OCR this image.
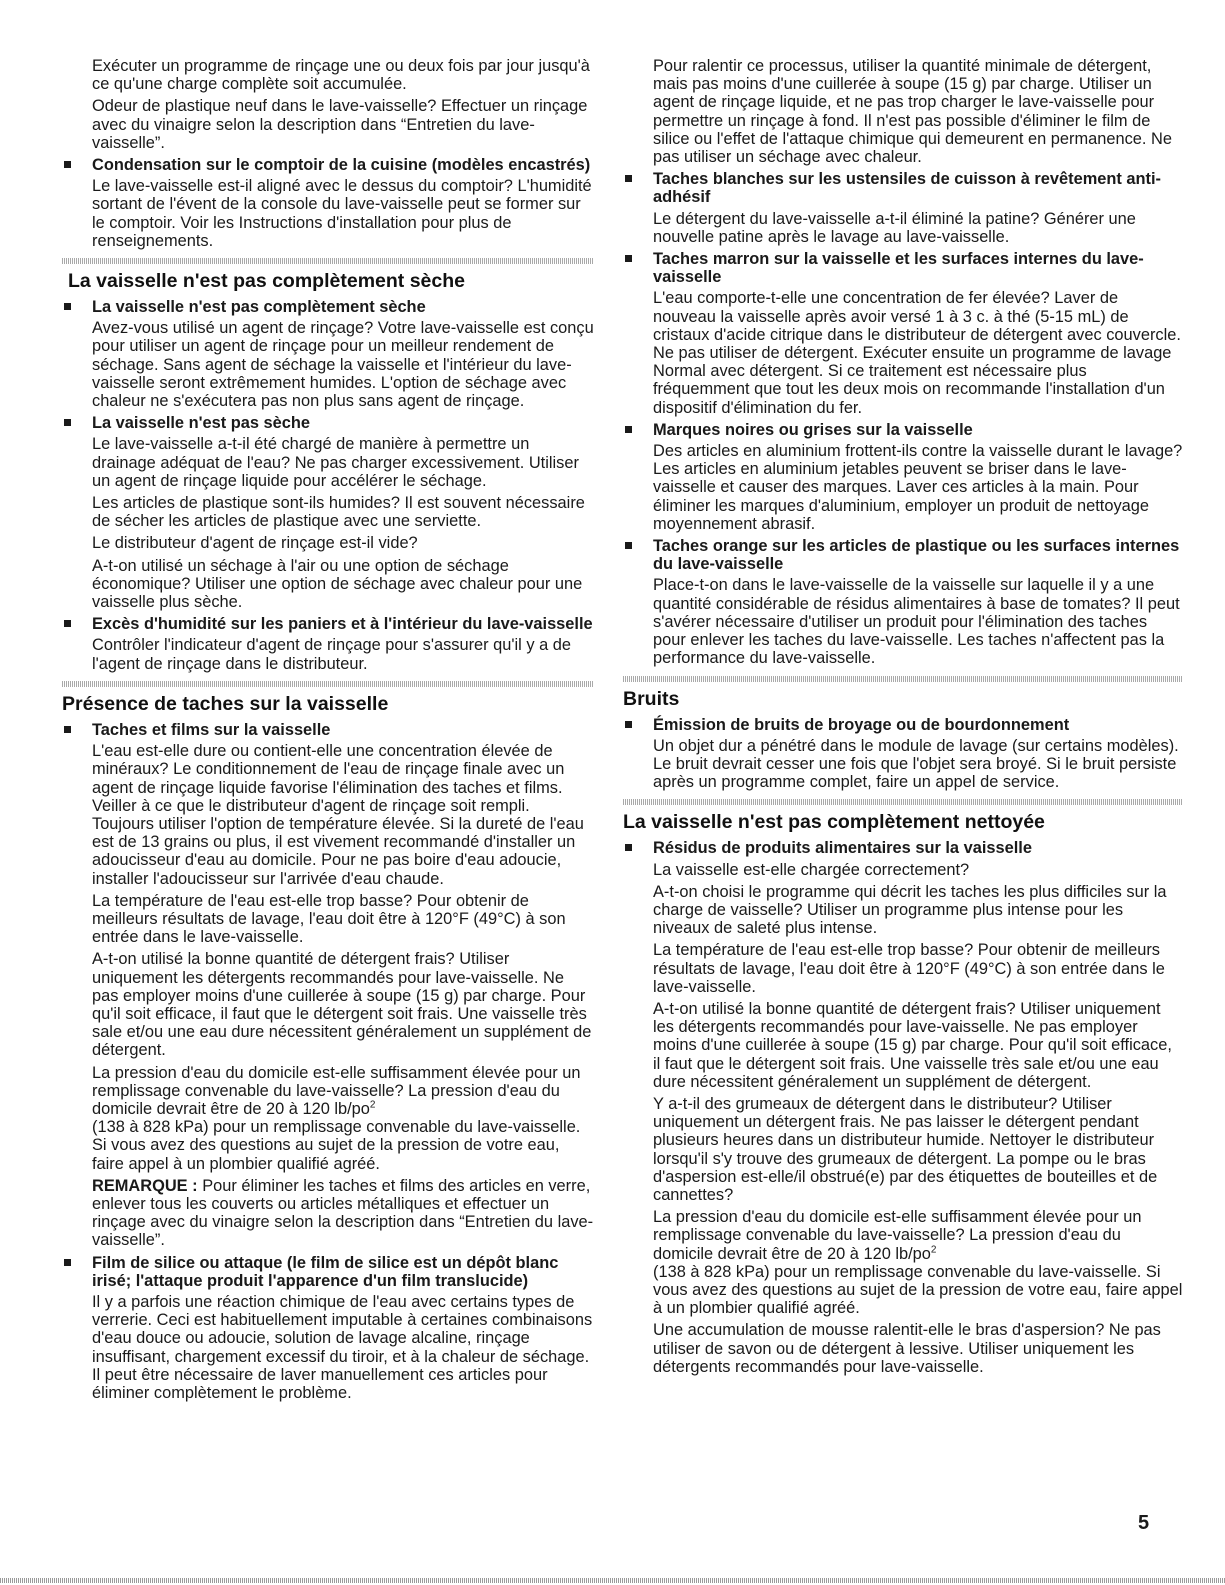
Exécuter un programme de rinçage une ou deux fois par jour jusqu'à ce qu'une charge complète soit accumulée.

Odeur de plastique neuf dans le lave-vaisselle? Effectuer un rinçage avec du vinaigre selon la description dans “Entretien du lave-vaisselle”.

Condensation sur le comptoir de la cuisine (modèles encastrés)

Le lave-vaisselle est-il aligné avec le dessus du comptoir? L'humidité sortant de l'évent de la console du lave-vaisselle peut se former sur le comptoir. Voir les Instructions d'installation pour plus de renseignements.

La vaisselle n'est pas complètement sèche
La vaisselle n'est pas complètement sèche

Avez-vous utilisé un agent de rinçage? Votre lave-vaisselle est conçu pour utiliser un agent de rinçage pour un meilleur rendement de séchage. Sans agent de séchage la vaisselle et l'intérieur du lave-vaisselle seront extrêmement humides. L'option de séchage avec chaleur ne s'exécutera pas non plus sans agent de rinçage.

La vaisselle n'est pas sèche

Le lave-vaisselle a-t-il été chargé de manière à permettre un drainage adéquat de l'eau? Ne pas charger excessivement. Utiliser un agent de rinçage liquide pour accélérer le séchage.

Les articles de plastique sont-ils humides? Il est souvent nécessaire de sécher les articles de plastique avec une serviette.

Le distributeur d'agent de rinçage est-il vide?

A-t-on utilisé un séchage à l'air ou une option de séchage économique? Utiliser une option de séchage avec chaleur pour une vaisselle plus sèche.

Excès d'humidité sur les paniers et à l'intérieur du lave-vaisselle

Contrôler l'indicateur d'agent de rinçage pour s'assurer qu'il y a de l'agent de rinçage dans le distributeur.

Présence de taches sur la vaisselle
Taches et films sur la vaisselle

L'eau est-elle dure ou contient-elle une concentration élevée de minéraux? Le conditionnement de l'eau de rinçage finale avec un agent de rinçage liquide favorise l'élimination des taches et films. Veiller à ce que le distributeur d'agent de rinçage soit rempli. Toujours utiliser l'option de température élevée. Si la dureté de l'eau est de 13 grains ou plus, il est vivement recommandé d'installer un adoucisseur d'eau au domicile. Pour ne pas boire d'eau adoucie, installer l'adoucisseur sur l'arrivée d'eau chaude.

La température de l'eau est-elle trop basse? Pour obtenir de meilleurs résultats de lavage, l'eau doit être à 120°F (49°C) à son entrée dans le lave-vaisselle.

A-t-on utilisé la bonne quantité de détergent frais? Utiliser uniquement les détergents recommandés pour lave-vaisselle. Ne pas employer moins d'une cuillerée à soupe (15 g) par charge. Pour qu'il soit efficace, il faut que le détergent soit frais. Une vaisselle très sale et/ou une eau dure nécessitent généralement un supplément de détergent.

La pression d'eau du domicile est-elle suffisamment élevée pour un remplissage convenable du lave-vaisselle? La pression d'eau du domicile devrait être de 20 à 120 $lb/po^2$
(138 à 828 kPa) pour un remplissage convenable du lave-vaisselle. Si vous avez des questions au sujet de la pression de votre eau, faire appel à un plombier qualifié agréé.

REMARQUE : Pour éliminer les taches et films des articles en verre, enlever tous les couverts ou articles métalliques et effectuer un rinçage avec du vinaigre selon la description dans “Entretien du lave-vaisselle”.

Film de silice ou attaque (le film de silice est un dépôt blanc irisé; l'attaque produit l'apparence d'un film translucide)

Il y a parfois une réaction chimique de l'eau avec certains types de verrerie. Ceci est habituellement imputable à certaines combinaisons d'eau douce ou adoucie, solution de lavage alcaline, rinçage insuffisant, chargement excessif du tiroir, et à la chaleur de séchage. Il peut être nécessaire de laver manuellement ces articles pour éliminer complètement le problème.

Pour ralentir ce processus, utiliser la quantité minimale de détergent, mais pas moins d'une cuillerée à soupe (15 g) par charge. Utiliser un agent de rinçage liquide, et ne pas trop charger le lave-vaisselle pour permettre un rinçage à fond. Il n'est pas possible d'éliminer le film de silice ou l'effet de l'attaque chimique qui demeurent en permanence. Ne pas utiliser un séchage avec chaleur.

Taches blanches sur les ustensiles de cuisson à revêtement anti-adhésif

Le détergent du lave-vaisselle a-t-il éliminé la patine? Générer une nouvelle patine après le lavage au lave-vaisselle.

Taches marron sur la vaisselle et les surfaces internes du lave-vaisselle

L'eau comporte-t-elle une concentration de fer élevée? Laver de nouveau la vaisselle après avoir versé 1 à 3 c. à thé (5-15 mL) de cristaux d'acide citrique dans le distributeur de détergent avec couvercle. Ne pas utiliser de détergent. Exécuter ensuite un programme de lavage Normal avec détergent. Si ce traitement est nécessaire plus fréquemment que tout les deux mois on recommande l'installation d'un dispositif d'élimination du fer.

Marques noires ou grises sur la vaisselle

Des articles en aluminium frottent-ils contre la vaisselle durant le lavage? Les articles en aluminium jetables peuvent se briser dans le lave-vaisselle et causer des marques. Laver ces articles à la main. Pour éliminer les marques d'aluminium, employer un produit de nettoyage moyennement abrasif.

Taches orange sur les articles de plastique ou les surfaces internes du lave-vaisselle

Place-t-on dans le lave-vaisselle de la vaisselle sur laquelle il y a une quantité considérable de résidus alimentaires à base de tomates? Il peut s'avérer nécessaire d'utiliser un produit pour l'élimination des taches pour enlever les taches du lave-vaisselle. Les taches n'affectent pas la performance du lave-vaisselle.

Bruits
Émission de bruits de broyage ou de bourdonnement

Un objet dur a pénétré dans le module de lavage (sur certains modèles). Le bruit devrait cesser une fois que l'objet sera broyé. Si le bruit persiste après un programme complet, faire un appel de service.

La vaisselle n'est pas complètement nettoyée
Résidus de produits alimentaires sur la vaisselle

La vaisselle est-elle chargée correctement?

A-t-on choisi le programme qui décrit les taches les plus difficiles sur la charge de vaisselle? Utiliser un programme plus intense pour les niveaux de saleté plus intense.

La température de l'eau est-elle trop basse? Pour obtenir de meilleurs résultats de lavage, l'eau doit être à 120°F (49°C) à son entrée dans le lave-vaisselle.

A-t-on utilisé la bonne quantité de détergent frais? Utiliser uniquement les détergents recommandés pour lave-vaisselle. Ne pas employer moins d'une cuillerée à soupe (15 g) par charge. Pour qu'il soit efficace, il faut que le détergent soit frais. Une vaisselle très sale et/ou une eau dure nécessitent généralement un supplément de détergent.

Y a-t-il des grumeaux de détergent dans le distributeur? Utiliser uniquement un détergent frais. Ne pas laisser le détergent pendant plusieurs heures dans un distributeur humide. Nettoyer le distributeur lorsqu'il s'y trouve des grumeaux de détergent. La pompe ou le bras d'aspersion est-elle/il obstrué(e) par des étiquettes de bouteilles et de cannettes?

La pression d'eau du domicile est-elle suffisamment élevée pour un remplissage convenable du lave-vaisselle? La pression d'eau du domicile devrait être de 20 à 120 $lb/po^2$
(138 à 828 kPa) pour un remplissage convenable du lave-vaisselle. Si vous avez des questions au sujet de la pression de votre eau, faire appel à un plombier qualifié agréé.

Une accumulation de mousse ralentit-elle le bras d'aspersion? Ne pas utiliser de savon ou de détergent à lessive. Utiliser uniquement les détergents recommandés pour lave-vaisselle.

5
